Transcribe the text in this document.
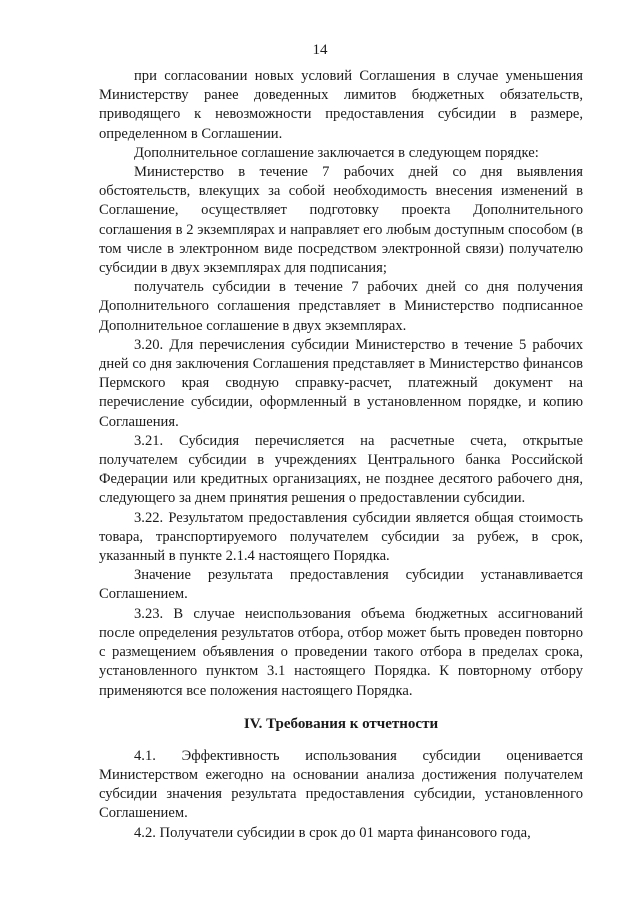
14

при согласовании новых условий Соглашения в случае уменьшения Министерству ранее доведенных лимитов бюджетных обязательств, приводящего к невозможности предоставления субсидии в размере, определенном в Соглашении.

Дополнительное соглашение заключается в следующем порядке:

Министерство в течение 7 рабочих дней со дня выявления обстоятельств, влекущих за собой необходимость внесения изменений в Соглашение, осуществляет подготовку проекта Дополнительного соглашения в 2 экземплярах и направляет его любым доступным способом (в том числе в электронном виде посредством электронной связи) получателю субсидии в двух экземплярах для подписания;

получатель субсидии в течение 7 рабочих дней со дня получения Дополнительного соглашения представляет в Министерство подписанное Дополнительное соглашение в двух экземплярах.

3.20. Для перечисления субсидии Министерство в течение 5 рабочих дней со дня заключения Соглашения представляет в Министерство финансов Пермского края сводную справку-расчет, платежный документ на перечисление субсидии, оформленный в установленном порядке, и копию Соглашения.

3.21. Субсидия перечисляется на расчетные счета, открытые получателем субсидии в учреждениях Центрального банка Российской Федерации или кредитных организациях, не позднее десятого рабочего дня, следующего за днем принятия решения о предоставлении субсидии.

3.22. Результатом предоставления субсидии является общая стоимость товара, транспортируемого получателем субсидии за рубеж, в срок, указанный в пункте 2.1.4 настоящего Порядка.

Значение результата предоставления субсидии устанавливается Соглашением.

3.23. В случае неиспользования объема бюджетных ассигнований после определения результатов отбора, отбор может быть проведен повторно с размещением объявления о проведении такого отбора в пределах срока, установленного пунктом 3.1 настоящего Порядка. К повторному отбору применяются все положения настоящего Порядка.

IV. Требования к отчетности

4.1. Эффективность использования субсидии оценивается Министерством ежегодно на основании анализа достижения получателем субсидии значения результата предоставления субсидии, установленного Соглашением.

4.2. Получатели субсидии в срок до 01 марта финансового года,
